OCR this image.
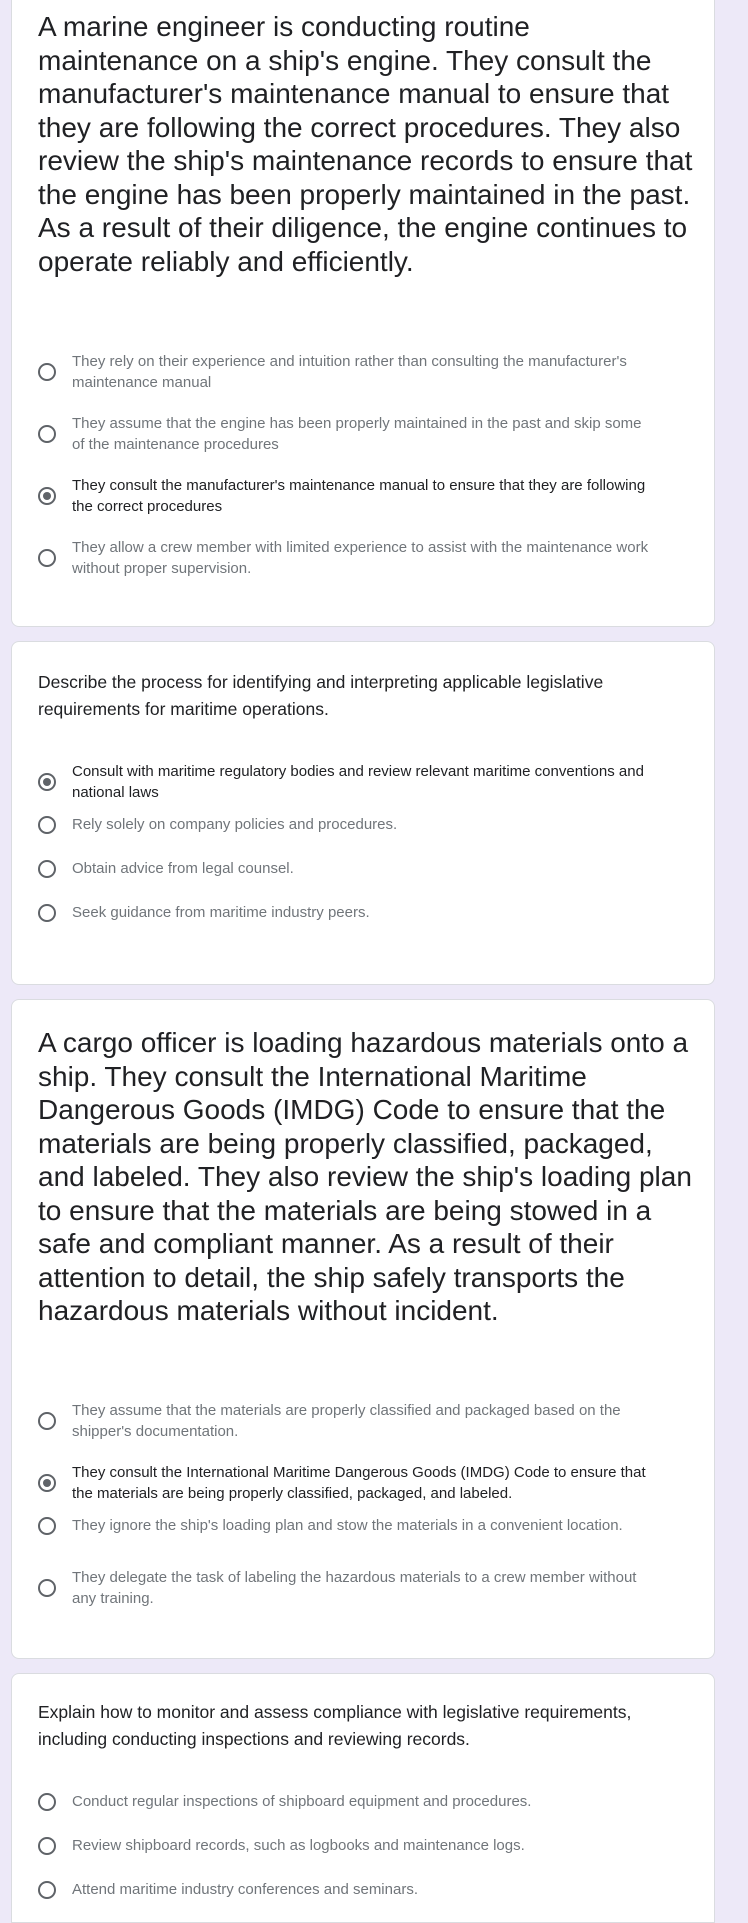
A marine engineer is conducting routine maintenance on a ship's engine. They consult the manufacturer's maintenance manual to ensure that they are following the correct procedures. They also review the ship's maintenance records to ensure that the engine has been properly maintained in the past. As a result of their diligence, the engine continues to operate reliably and efficiently.

They rely on their experience and intuition rather than consulting the manufacturer's maintenance manual
They assume that the engine has been properly maintained in the past and skip some of the maintenance procedures
They consult the manufacturer's maintenance manual to ensure that they are following the correct procedures
They allow a crew member with limited experience to assist with the maintenance work without proper supervision.

Describe the process for identifying and interpreting applicable legislative requirements for maritime operations.

Consult with maritime regulatory bodies and review relevant maritime conventions and national laws
Rely solely on company policies and procedures.
Obtain advice from legal counsel.
Seek guidance from maritime industry peers.

A cargo officer is loading hazardous materials onto a ship. They consult the International Maritime Dangerous Goods (IMDG) Code to ensure that the materials are being properly classified, packaged, and labeled. They also review the ship's loading plan to ensure that the materials are being stowed in a safe and compliant manner. As a result of their attention to detail, the ship safely transports the hazardous materials without incident.

They assume that the materials are properly classified and packaged based on the shipper's documentation.
They consult the International Maritime Dangerous Goods (IMDG) Code to ensure that the materials are being properly classified, packaged, and labeled.
They ignore the ship's loading plan and stow the materials in a convenient location.
They delegate the task of labeling the hazardous materials to a crew member without any training.

Explain how to monitor and assess compliance with legislative requirements, including conducting inspections and reviewing records.

Conduct regular inspections of shipboard equipment and procedures.
Review shipboard records, such as logbooks and maintenance logs.
Attend maritime industry conferences and seminars.
